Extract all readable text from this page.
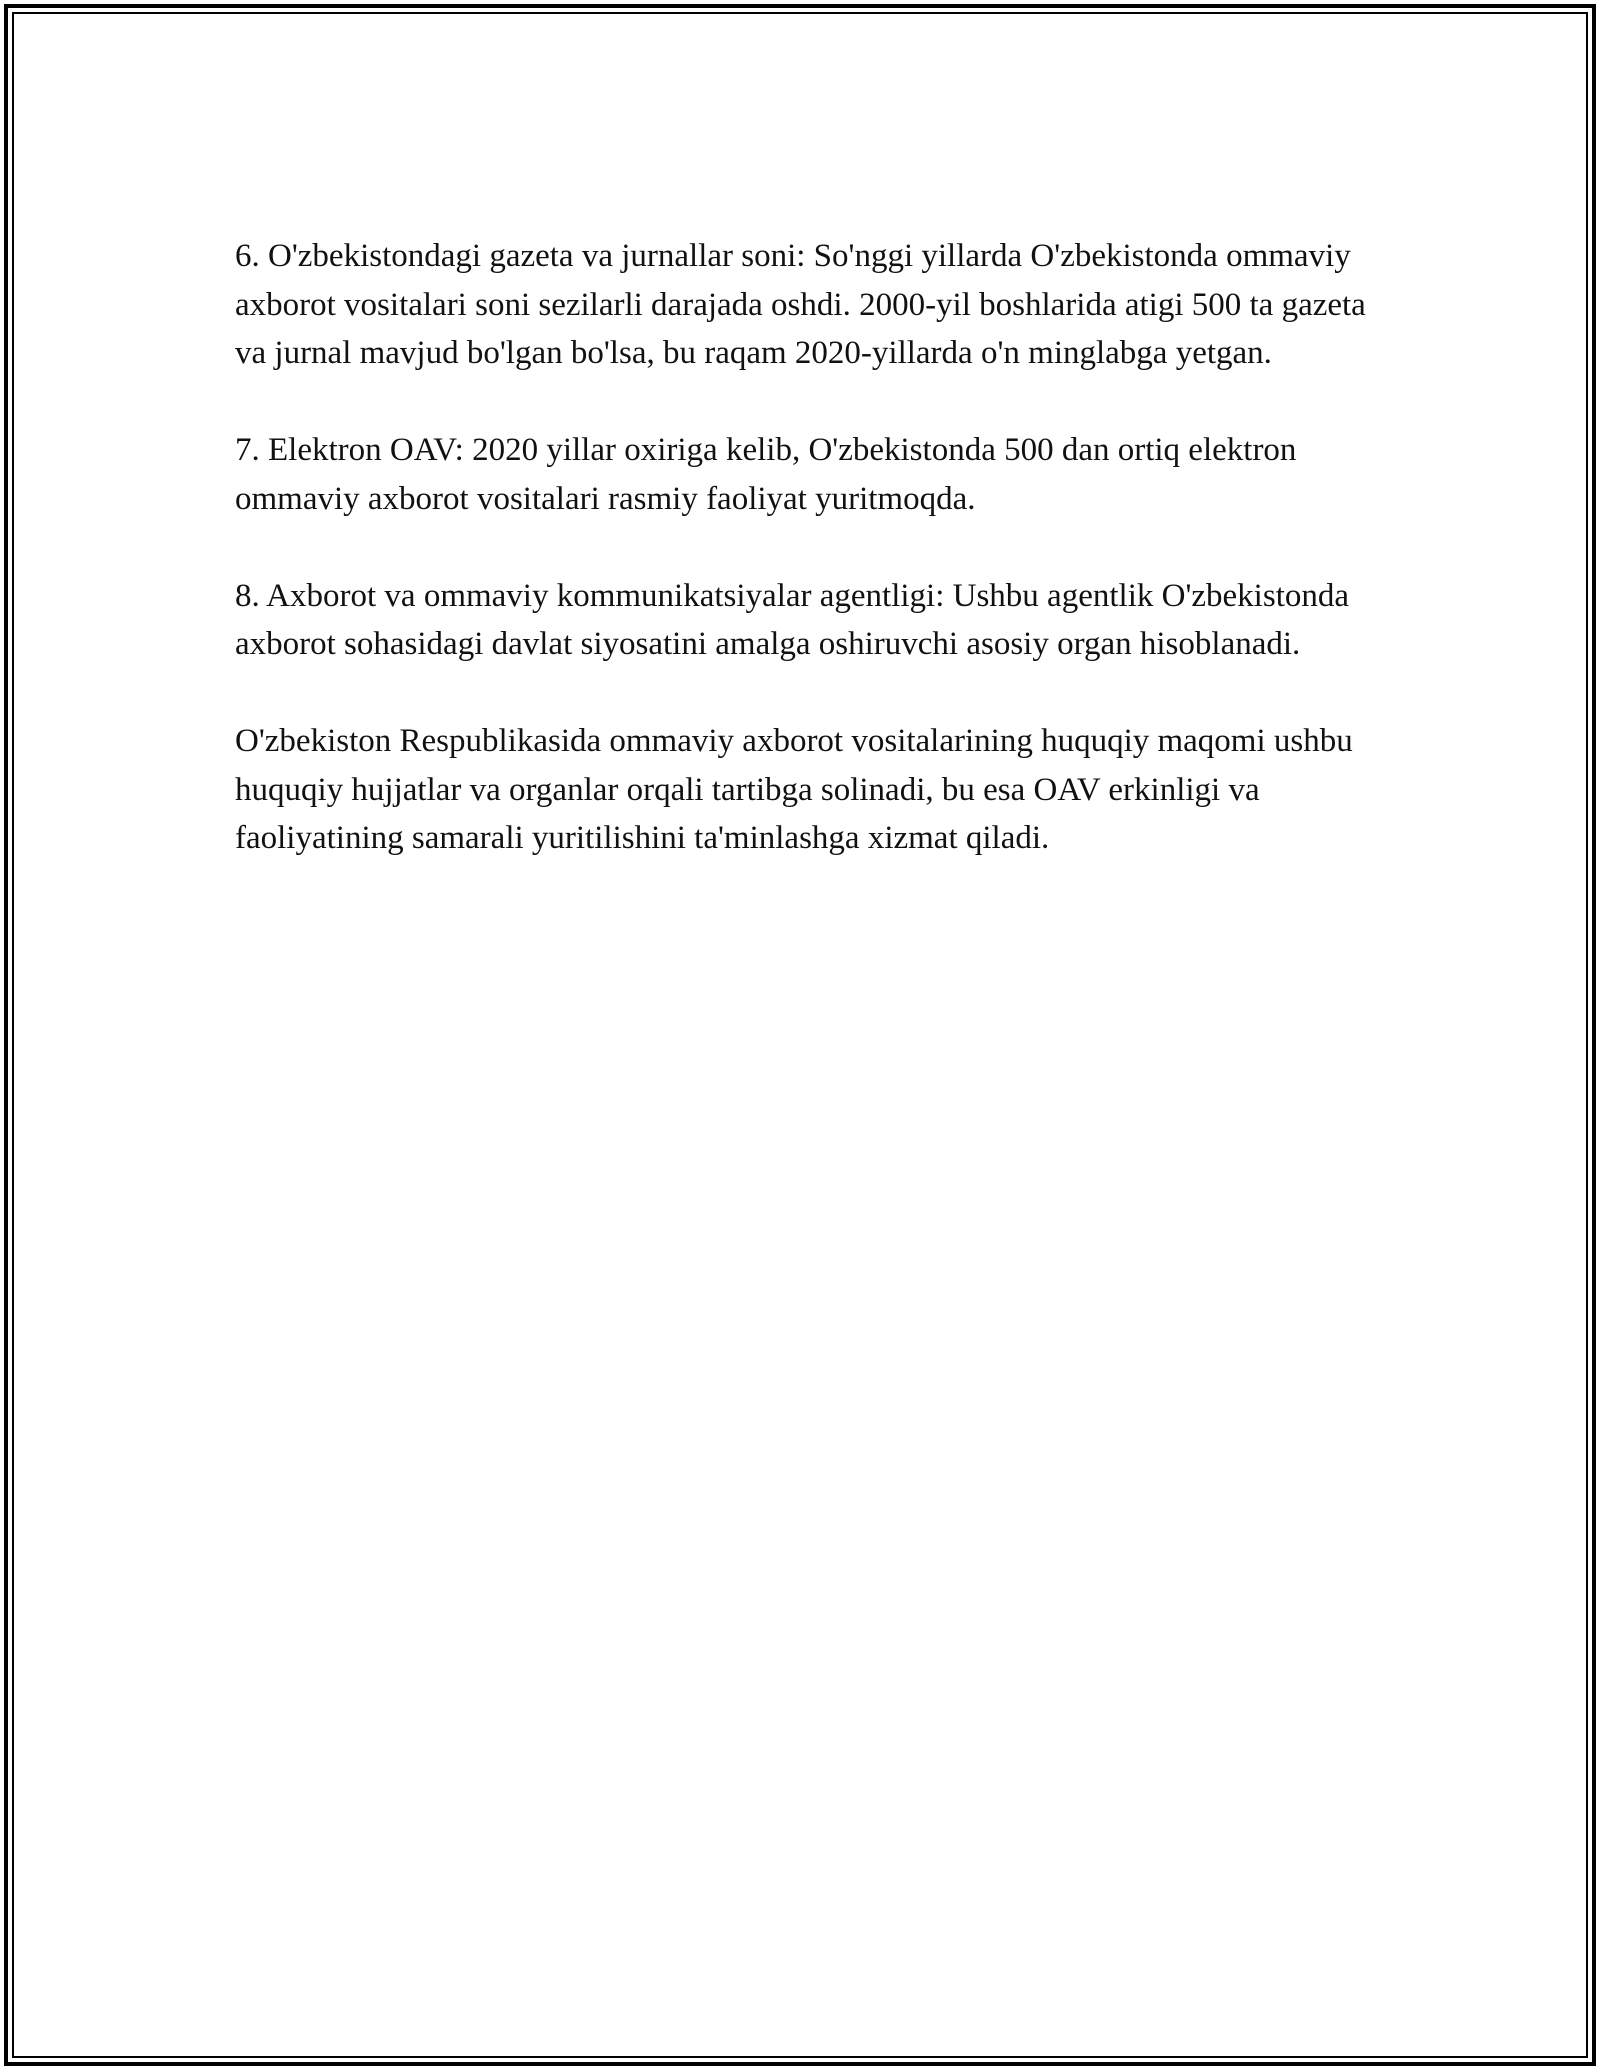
6. O'zbekistondagi gazeta va jurnallar soni: So'nggi yillarda O'zbekistonda ommaviy axborot vositalari soni sezilarli darajada oshdi. 2000-yil boshlarida atigi 500 ta gazeta va jurnal mavjud bo'lgan bo'lsa, bu raqam 2020-yillarda o'n minglabga yetgan.

7. Elektron OAV: 2020 yillar oxiriga kelib, O'zbekistonda 500 dan ortiq elektron ommaviy axborot vositalari rasmiy faoliyat yuritmoqda.

8. Axborot va ommaviy kommunikatsiyalar agentligi: Ushbu agentlik O'zbekistonda axborot sohasidagi davlat siyosatini amalga oshiruvchi asosiy organ hisoblanadi.

O'zbekiston Respublikasida ommaviy axborot vositalarining huquqiy maqomi ushbu huquqiy hujjatlar va organlar orqali tartibga solinadi, bu esa OAV erkinligi va faoliyatining samarali yuritilishini ta'minlashga xizmat qiladi.
